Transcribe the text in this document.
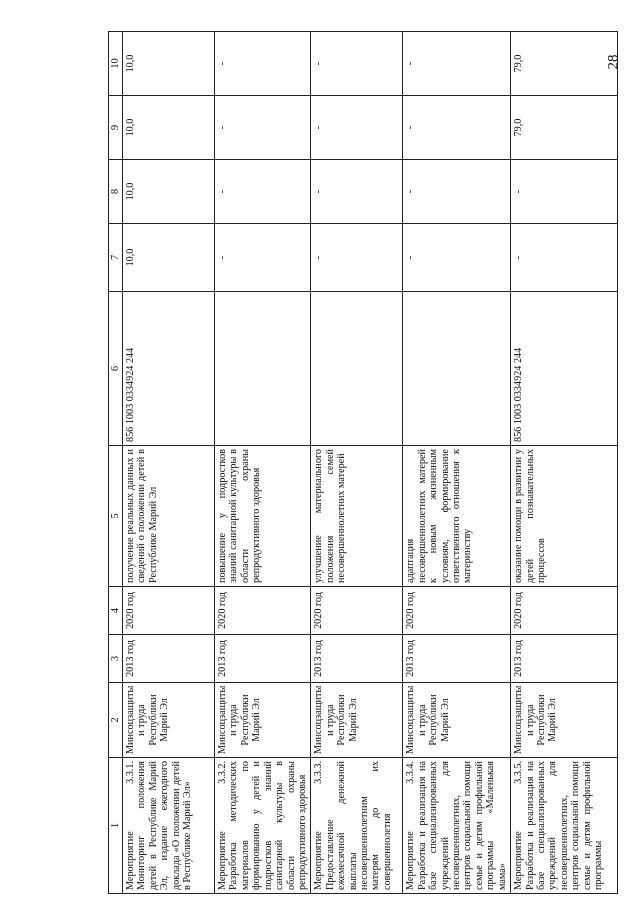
28
1	2	3	4	5	6	7	8	9	10
Мероприятие 3.3.1. Мониторинг положения детей в Республике Марий Эл, издание ежегодного доклада «О положении детей в Республике Марий Эл»	Минсоцзащиты и труда Республики Марий Эл	2013 год	2020 год	получение реальных данных и сведений о положении детей в Республике Марий Эл	856 1003 0334924 244	10,0	10,0	10,0	10,0
Мероприятие 3.3.2. Разработка методических материалов по формированию у детей и подростков знаний санитарной культуры в области охраны репродуктивного здоровья	Минсоцзащиты и труда Республики Марий Эл	2013 год	2020 год	повышение у подростков знаний санитарной культуры в области охраны репродуктивного здоровья		-	-	-	-
Мероприятие 3.3.3. Предоставление ежемесячной денежной выплаты несовершеннолетним матерям до их совершеннолетия	Минсоцзащиты и труда Республики Марий Эл	2013 год	2020 год	улучшение материального положения семей несовершеннолетних матерей		-	-	-	-
Мероприятие 3.3.4. Разработка и реализация на базе специализированных учреждений для несовершеннолетних, центров социальной помощи семье и детям профильной программы «Маленькая мама»	Минсоцзащиты и труда Республики Марий Эл	2013 год	2020 год	адаптация несовершеннолетних матерей к новым жизненным условиям, формирование ответственного отношения к материнству		-	-	-	-
Мероприятие 3.3.5. Разработка и реализация на базе специализированных учреждений для несовершеннолетних, центров социальной помощи семье и детям профильной программы	Минсоцзащиты и труда Республики Марий Эл	2013 год	2020 год	оказание помощи в развитии у детей познавательных процессов	856 1003 0334924 244	-	-	79,0	79,0
